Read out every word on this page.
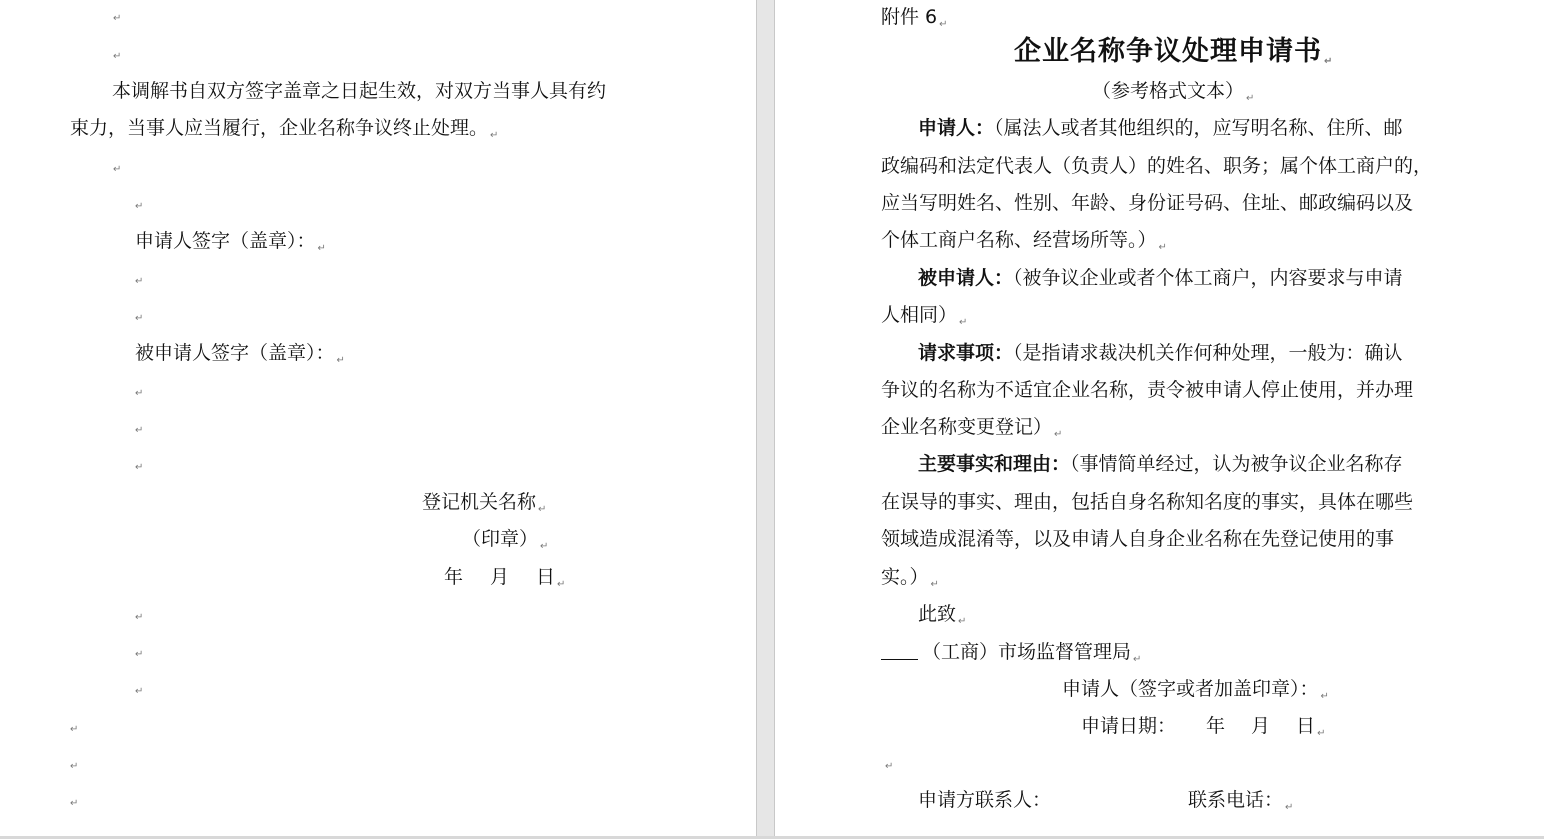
↵
↵
本调解书自双方签字盖章之日起生效，对双方当事人具有约
束力，当事人应当履行，企业名称争议终止处理。 $_↵$
↵
↵
申请人签字（盖章）： $_↵$
↵
↵
被申请人签字（盖章）： $_↵$
↵
↵
↵
登记机关名称 $_↵$
（印章） $_↵$
年 月 日 $_↵$
↵
↵
↵
↵
↵
↵
附件 6 $_↵$
企业名称争议处理申请书 ↵
（参考格式文本） $_↵$
申请人：（属法人或者其他组织的，应写明名称、住所、邮
政编码和法定代表人（负责人）的姓名、职务；属个体工商户的，
应当写明姓名、性别、年龄、身份证号码、住址、邮政编码以及
个体工商户名称、经营场所等。） $_↵$
被申请人：（被争议企业或者个体工商户，内容要求与申请
人相同） $_↵$
请求事项：（是指请求裁决机关作何种处理，一般为：确认
争议的名称为不适宜企业名称，责令被申请人停止使用，并办理
企业名称变更登记） $_↵$
主要事实和理由：（事情简单经过，认为被争议企业名称存
在误导的事实、理由，包括自身名称知名度的事实，具体在哪些
领域造成混淆等，以及申请人自身企业名称在先登记使用的事
实。） $_↵$
此致 $_↵$
（工商）市场监督管理局 $_↵$
申请人（签字或者加盖印章）： $_↵$
申请日期： 年 月 日 $_↵$
↵
申请方联系人：	联系电话： $_↵$
